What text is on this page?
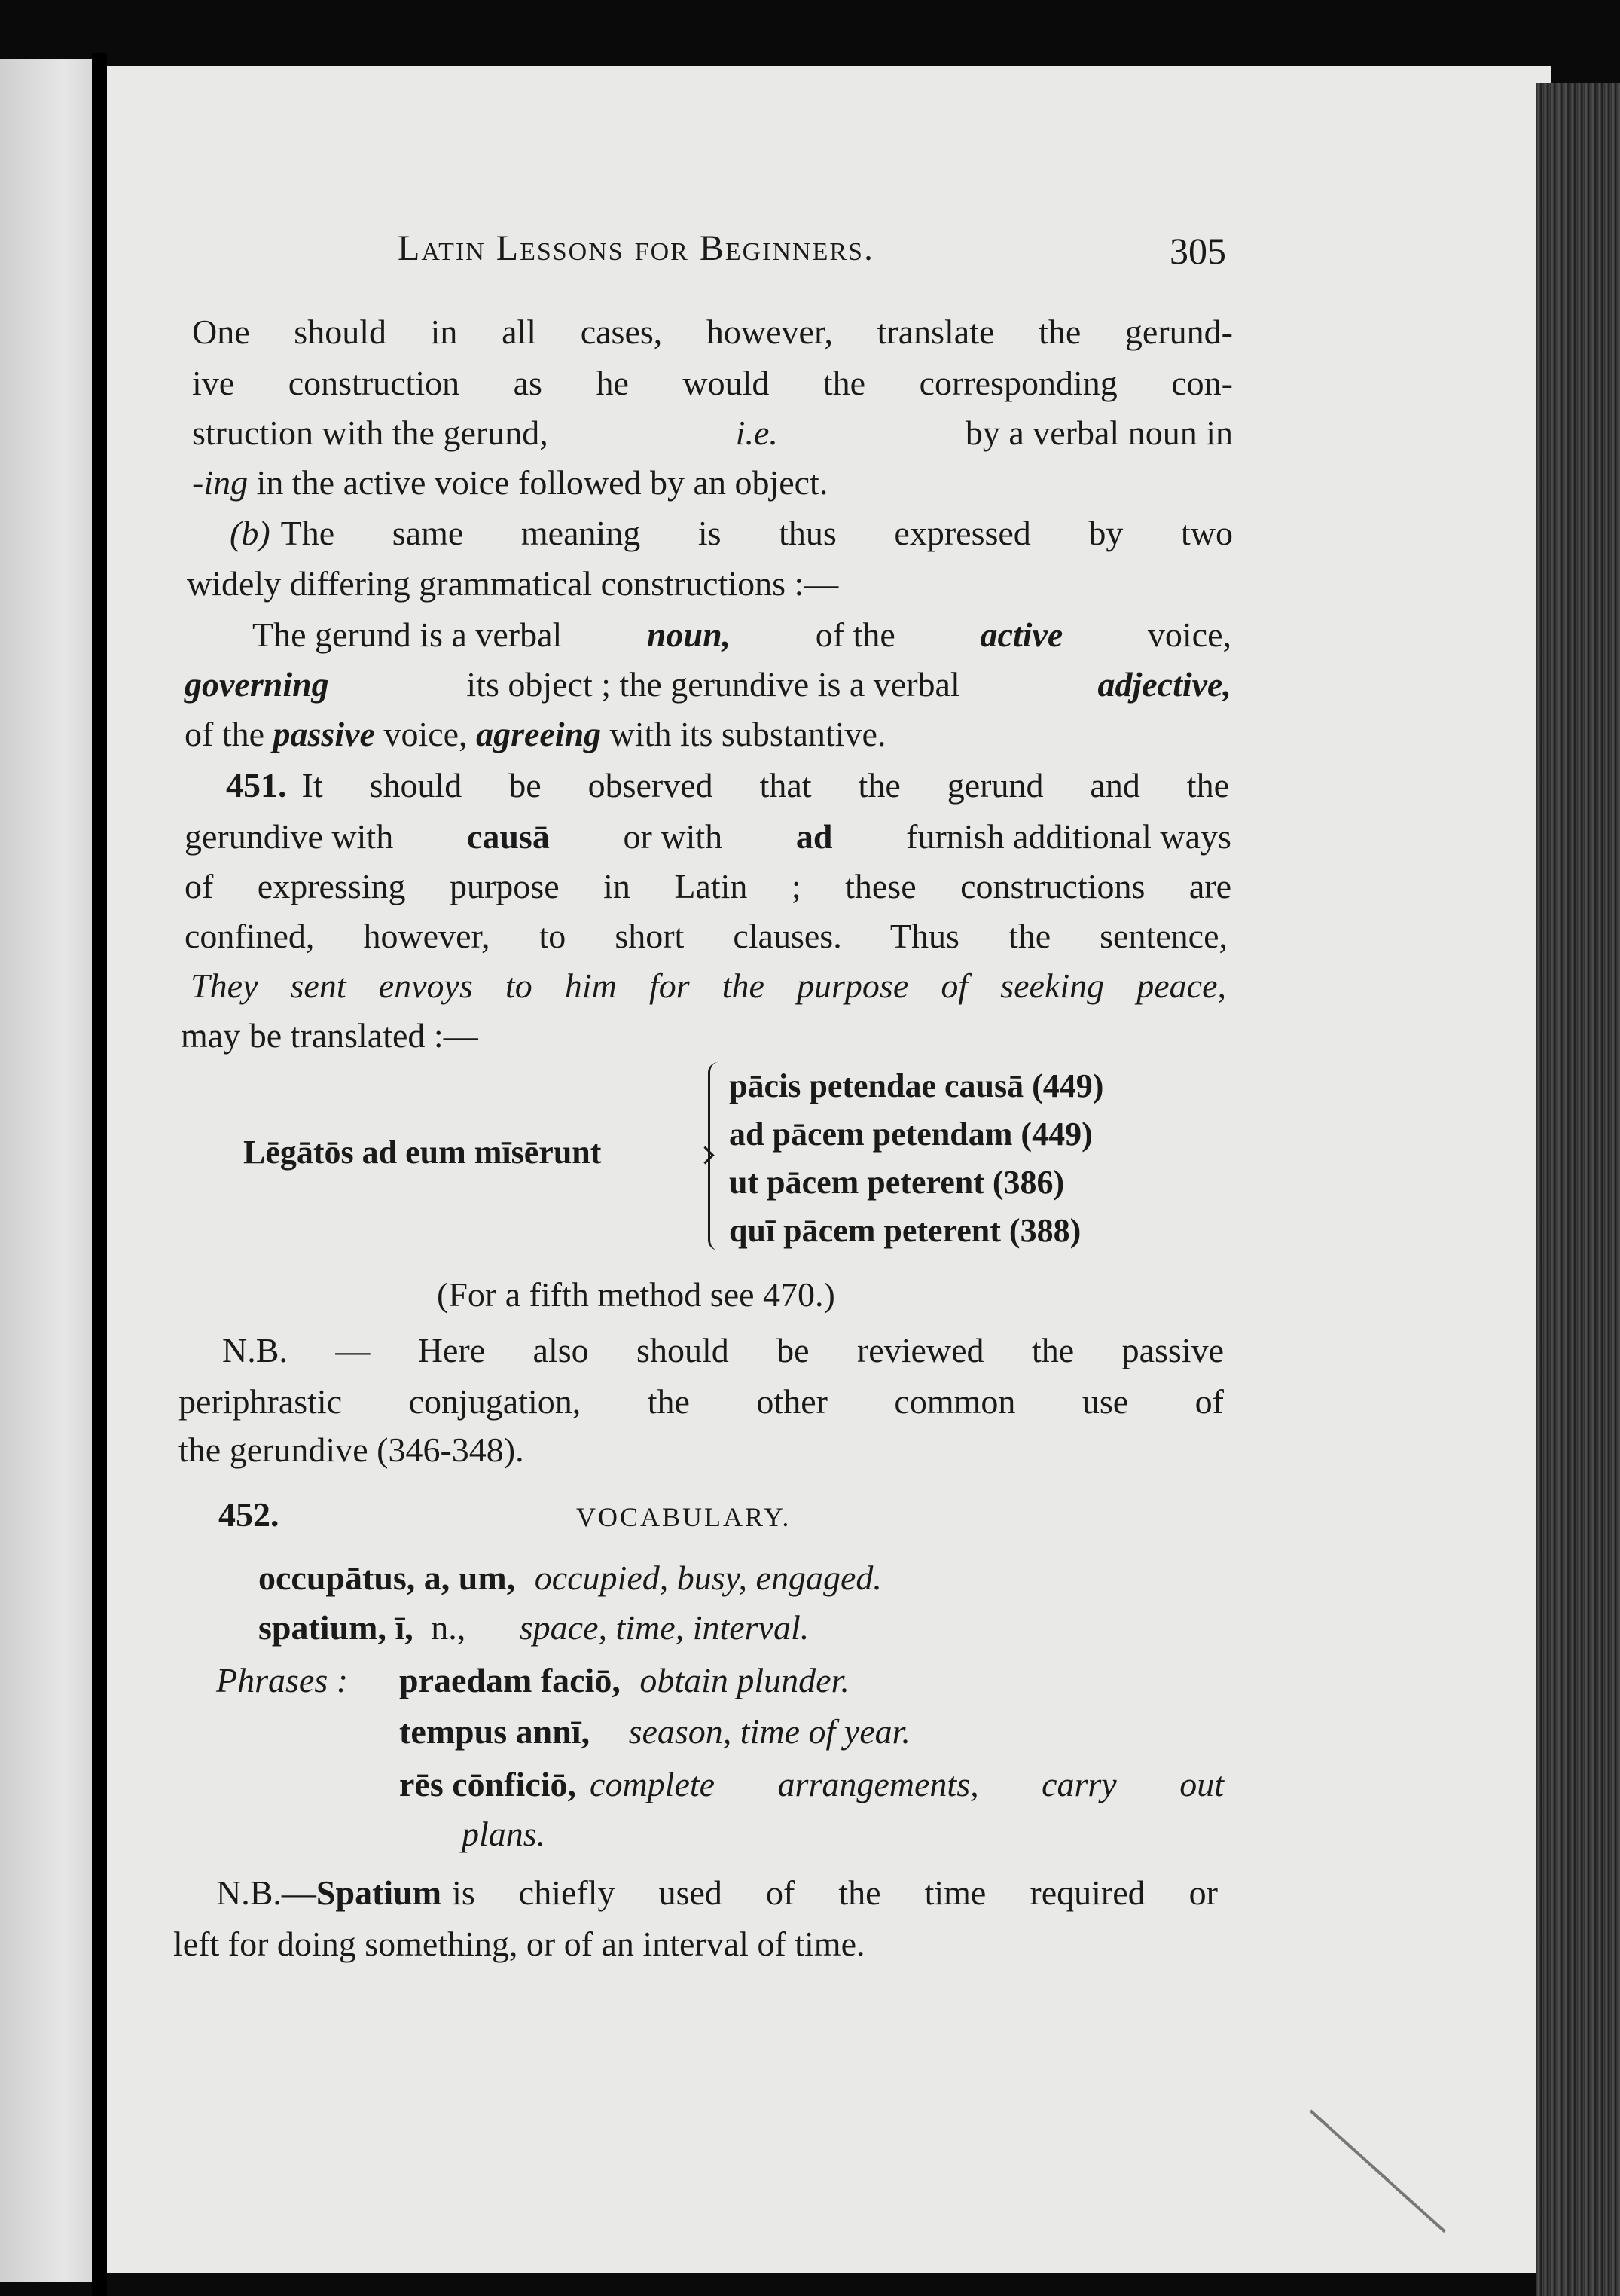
Latin Lessons for Beginners.	305
One should in all cases, however, translate the gerund-
ive construction as he would the corresponding con-
struction with the gerund,	i.e.	by a verbal noun in
-ing in the active voice followed by an object.
(b) The same meaning is thus expressed by two
widely differing grammatical constructions :—
The gerund is a verbal noun, of the active voice,
governing	its object ; the gerundive is a verbal	adjective,
of the passive voice, agreeing with its substantive.
451. It should be observed that the gerund and the
gerundive with causā or with ad furnish additional ways
of expressing purpose in Latin ; these constructions are
confined, however, to short clauses. Thus the sentence,
They sent envoys to him for the purpose of seeking peace,
may be translated :—
Lēgātōs ad eum mīsērunt
pācis petendae causā (449)
ad pācem petendam (449)
ut pācem peterent (386)
quī pācem peterent (388)
(For a fifth method see 470.)
N.B. — Here also should be reviewed the passive
periphrastic conjugation, the other common use of
the gerundive (346-348).
452.	VOCABULARY.
occupātus, a, um, occupied, busy, engaged.
spatium, ī, n., space, time, interval.
Phrases : praedam faciō, obtain plunder.
tempus annī, season, time of year.
rēs cōnficiō, complete arrangements, carry out
plans.
N.B.— Spatium is chiefly used of the time required or
left for doing something, or of an interval of time.
